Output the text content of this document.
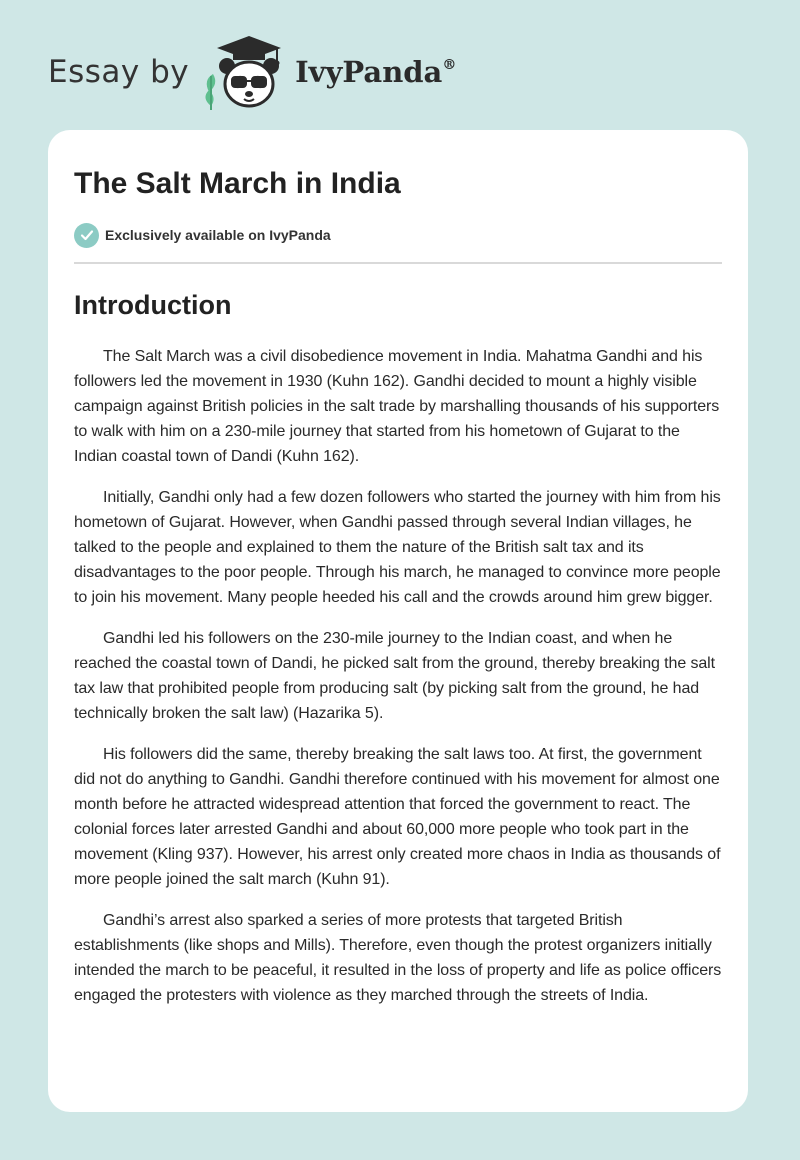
Essay by	IvyPanda®
The Salt March in India
Exclusively available on IvyPanda
Introduction

The Salt March was a civil disobedience movement in India. Mahatma Gandhi and his followers led the movement in 1930 (Kuhn 162). Gandhi decided to mount a highly visible campaign against British policies in the salt trade by marshalling thousands of his supporters to walk with him on a 230-mile journey that started from his hometown of Gujarat to the Indian coastal town of Dandi (Kuhn 162).

Initially, Gandhi only had a few dozen followers who started the journey with him from his hometown of Gujarat. However, when Gandhi passed through several Indian villages, he talked to the people and explained to them the nature of the British salt tax and its disadvantages to the poor people. Through his march, he managed to convince more people to join his movement. Many people heeded his call and the crowds around him grew bigger.

Gandhi led his followers on the 230-mile journey to the Indian coast, and when he reached the coastal town of Dandi, he picked salt from the ground, thereby breaking the salt tax law that prohibited people from producing salt (by picking salt from the ground, he had technically broken the salt law) (Hazarika 5).

His followers did the same, thereby breaking the salt laws too. At first, the government did not do anything to Gandhi. Gandhi therefore continued with his movement for almost one month before he attracted widespread attention that forced the government to react. The colonial forces later arrested Gandhi and about 60,000 more people who took part in the movement (Kling 937). However, his arrest only created more chaos in India as thousands of more people joined the salt march (Kuhn 91).

Gandhi’s arrest also sparked a series of more protests that targeted British establishments (like shops and Mills). Therefore, even though the protest organizers initially intended the march to be peaceful, it resulted in the loss of property and life as police officers engaged the protesters with violence as they marched through the streets of India.
